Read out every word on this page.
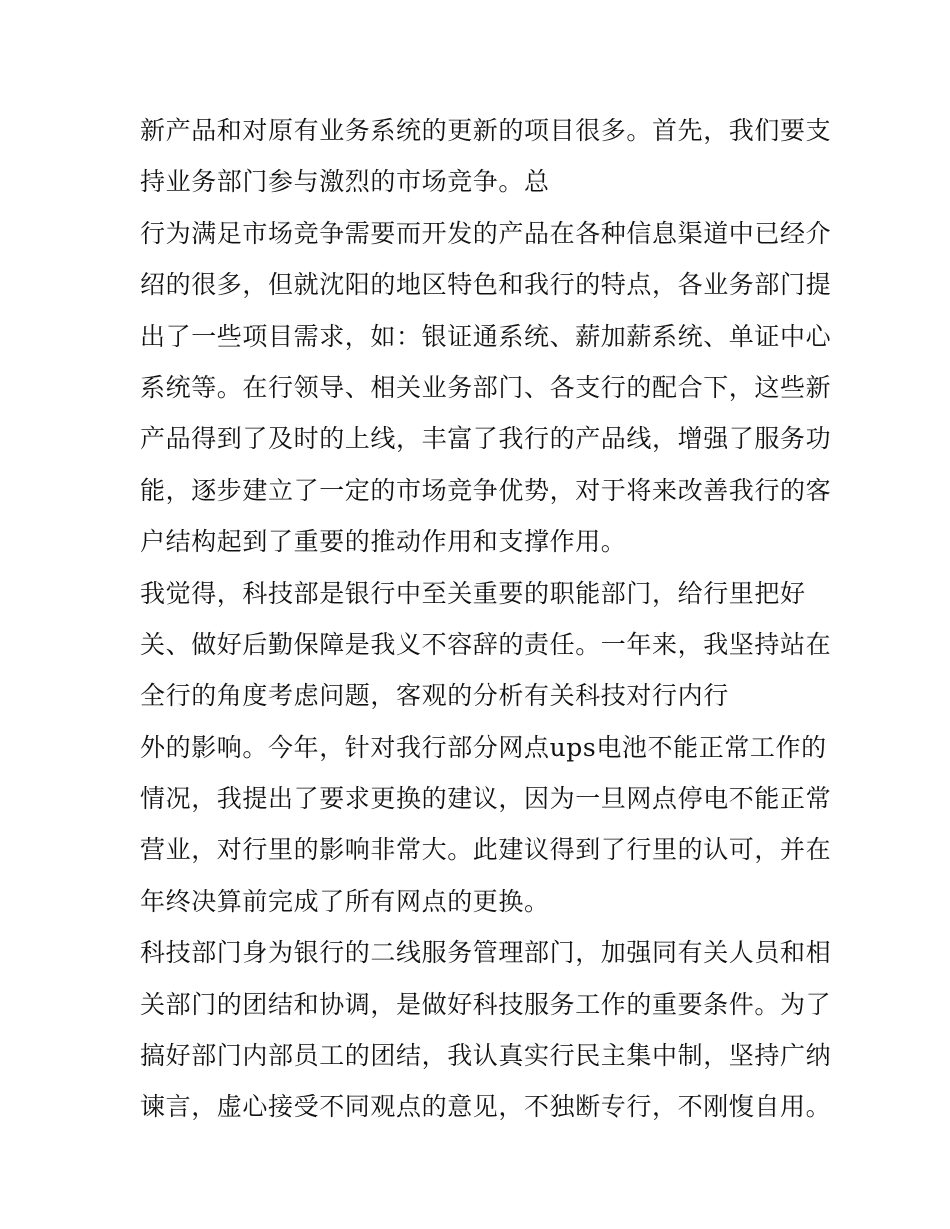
新产品和对原有业务系统的更新的项目很多。首先，我们要支
持业务部门参与激烈的市场竞争。总
行为满足市场竞争需要而开发的产品在各种信息渠道中已经介
绍的很多，但就沈阳的地区特色和我行的特点，各业务部门提
出了一些项目需求，如：银证通系统、薪加薪系统、单证中心
系统等。在行领导、相关业务部门、各支行的配合下，这些新
产品得到了及时的上线，丰富了我行的产品线，增强了服务功
能，逐步建立了一定的市场竞争优势，对于将来改善我行的客
户结构起到了重要的推动作用和支撑作用。
我觉得，科技部是银行中至关重要的职能部门，给行里把好
关、做好后勤保障是我义不容辞的责任。一年来，我坚持站在
全行的角度考虑问题，客观的分析有关科技对行内行
外的影响。今年，针对我行部分网点ups电池不能正常工作的
情况，我提出了要求更换的建议，因为一旦网点停电不能正常
营业，对行里的影响非常大。此建议得到了行里的认可，并在
年终决算前完成了所有网点的更换。
科技部门身为银行的二线服务管理部门，加强同有关人员和相
关部门的团结和协调，是做好科技服务工作的重要条件。为了
搞好部门内部员工的团结，我认真实行民主集中制，坚持广纳
谏言，虚心接受不同观点的意见，不独断专行，不刚愎自用。
